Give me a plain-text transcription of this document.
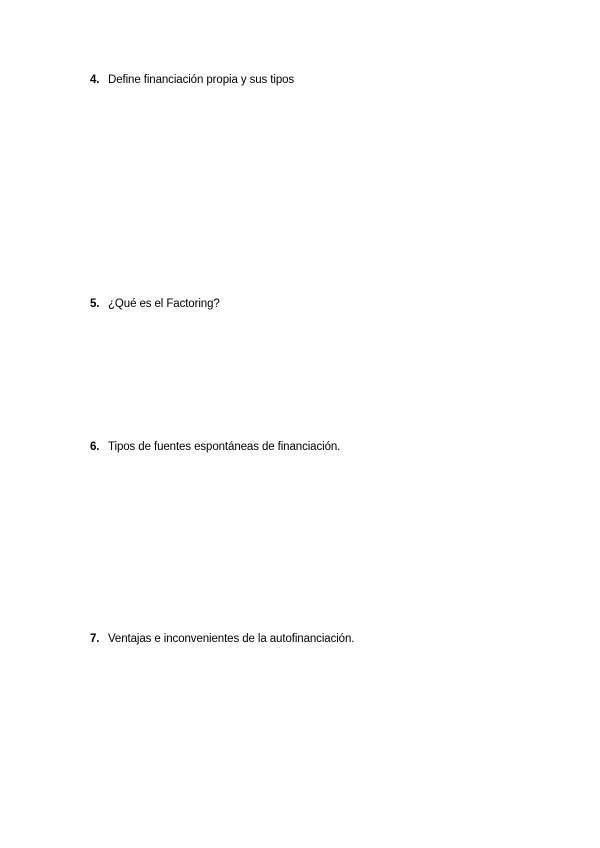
4. Define financiación propia y sus tipos
5. ¿Qué es el Factoring?
6. Tipos de fuentes espontáneas de financiación.
7. Ventajas e inconvenientes de la autofinanciación.
